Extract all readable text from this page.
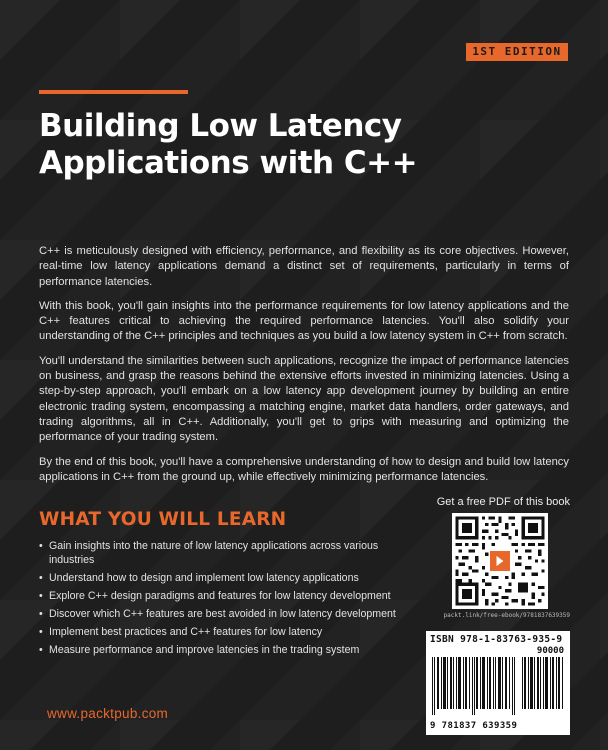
1ST EDITION
Building Low Latency
Applications with C++

C++ is meticulously designed with efficiency, performance, and flexibility as its core objectives. However, real-time low latency applications demand a distinct set of requirements, particularly in terms of performance latencies.

With this book, you'll gain insights into the performance requirements for low latency applications and the C++ features critical to achieving the required performance latencies. You'll also solidify your understanding of the C++ principles and techniques as you build a low latency system in C++ from scratch.

You'll understand the similarities between such applications, recognize the impact of performance latencies on business, and grasp the reasons behind the extensive efforts invested in minimizing latencies. Using a step-by-step approach, you'll embark on a low latency app development journey by building an entire electronic trading system, encompassing a matching engine, market data handlers, order gateways, and trading algorithms, all in C++. Additionally, you'll get to grips with measuring and optimizing the performance of your trading system.

By the end of this book, you'll have a comprehensive understanding of how to design and build low latency applications in C++ from the ground up, while effectively minimizing performance latencies.

WHAT YOU WILL LEARN
• Gain insights into the nature of low latency applications across various industries
• Understand how to design and implement low latency applications
• Explore C++ design paradigms and features for low latency development
• Discover which C++ features are best avoided in low latency development
• Implement best practices and C++ features for low latency
• Measure performance and improve latencies in the trading system
Get a free PDF of this book
packt.link/free-ebook/9781837639359
ISBN 978-1-83763-935-9
90000
9 781837 639359
www.packtpub.com
